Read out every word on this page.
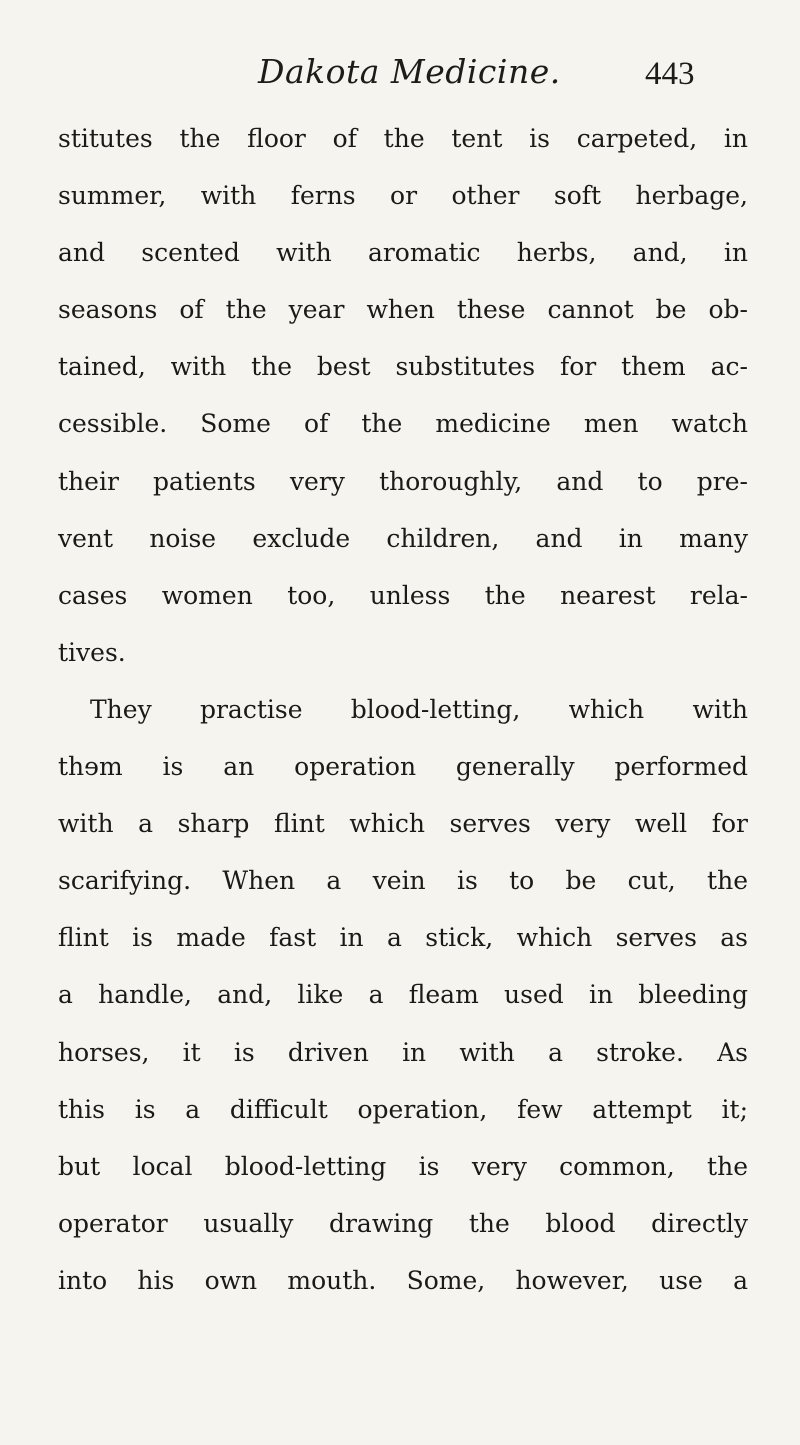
Dakota Medicine.	443
stitutes the floor of the tent is carpeted, in
summer, with ferns or other soft herbage,
and scented with aromatic herbs, and, in
seasons of the year when these cannot be ob-
tained, with the best substitutes for them ac-
cessible. Some of the medicine men watch
their patients very thoroughly, and to pre-
vent noise exclude children, and in many
cases women too, unless the nearest rela-
tives.
They practise blood-letting, which with
thɘm is an operation generally performed
with a sharp flint which serves very well for
scarifying. When a vein is to be cut, the
flint is made fast in a stick, which serves as
a handle, and, like a fleam used in bleeding
horses, it is driven in with a stroke. As
this is a difficult operation, few attempt it;
but local blood-letting is very common, the
operator usually drawing the blood directly
into his own mouth. Some, however, use a
